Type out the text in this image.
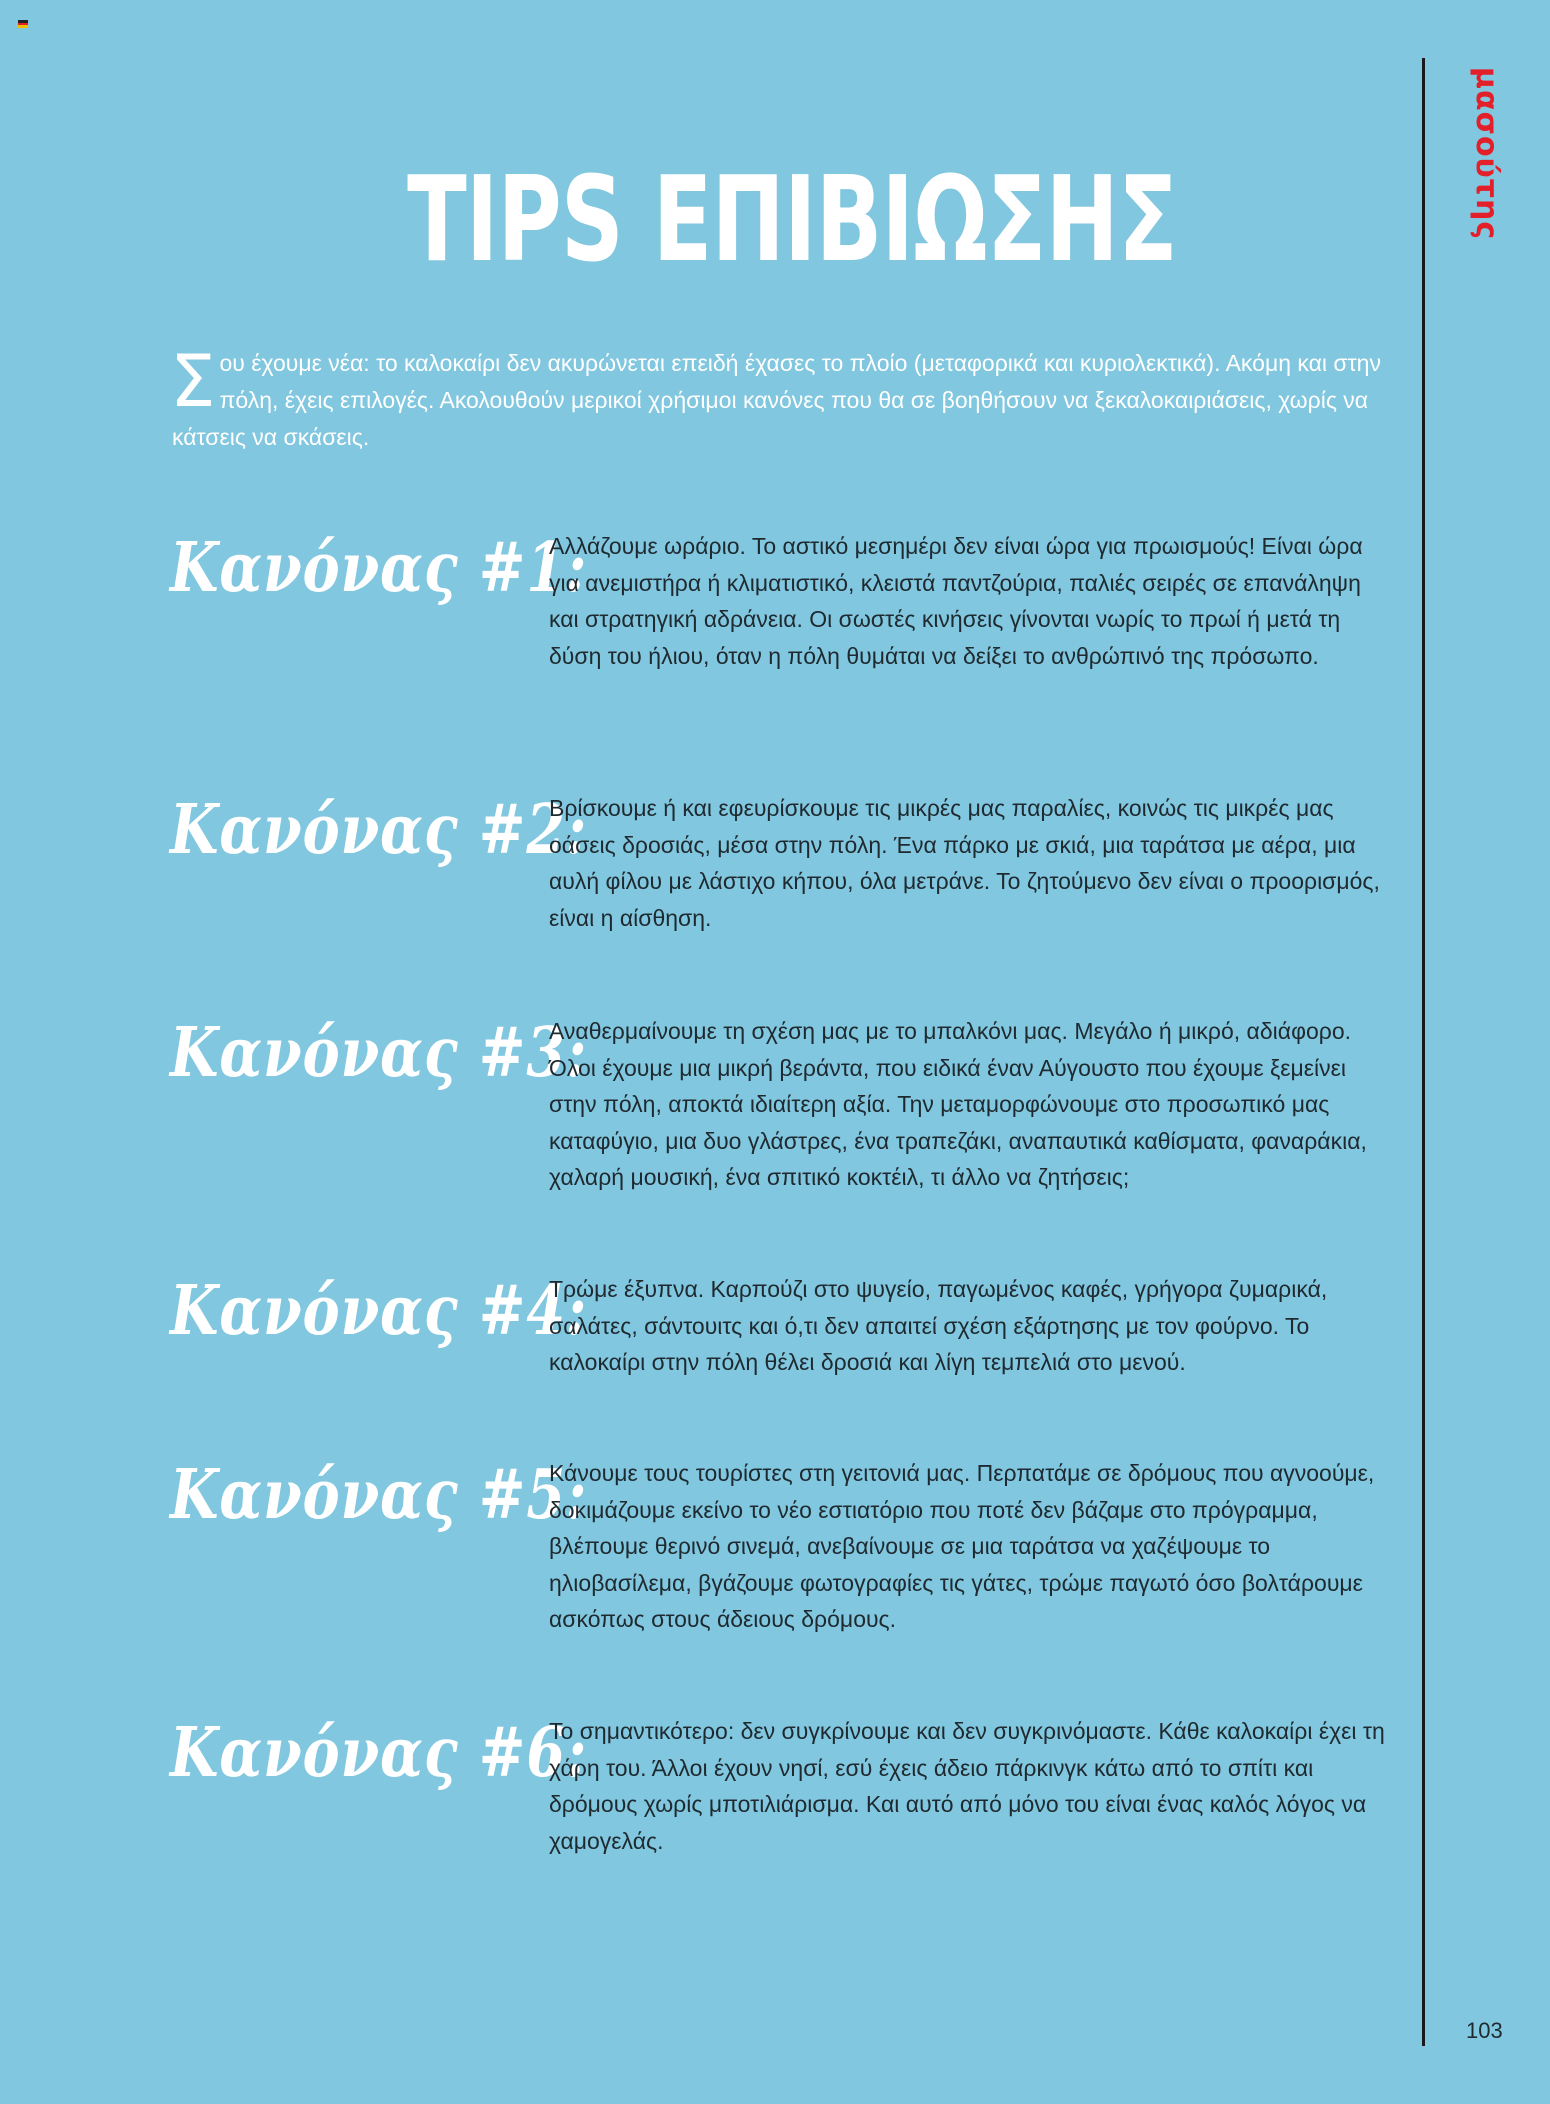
μασούτης
TIPS ΕΠΙΒΙΩΣΗΣ
Σου έχουμε νέα: το καλοκαίρι δεν ακυρώνεται επειδή έχασες το πλοίο (μεταφορικά και κυριολεκτικά). Ακόμη και στην πόλη, έχεις επιλογές. Ακολουθούν μερικοί χρήσιμοι κανόνες που θα σε βοηθήσουν να ξεκαλοκαιριάσεις, χωρίς να κάτσεις να σκάσεις.
Κανόνας #1:
Αλλάζουμε ωράριο. Το αστικό μεσημέρι δεν είναι ώρα για πρωισμούς! Είναι ώρα για ανεμιστήρα ή κλιματιστικό, κλειστά παντζούρια, παλιές σειρές σε επανάληψη και στρατηγική αδράνεια. Οι σωστές κινήσεις γίνονται νωρίς το πρωί ή μετά τη δύση του ήλιου, όταν η πόλη θυμάται να δείξει το ανθρώπινό της πρόσωπο.
Κανόνας #2:
Βρίσκουμε ή και εφευρίσκουμε τις μικρές μας παραλίες, κοινώς τις μικρές μας οάσεις δροσιάς, μέσα στην πόλη. Ένα πάρκο με σκιά, μια ταράτσα με αέρα, μια αυλή φίλου με λάστιχο κήπου, όλα μετράνε. Το ζητούμενο δεν είναι ο προορισμός, είναι η αίσθηση.
Κανόνας #3:
Αναθερμαίνουμε τη σχέση μας με το μπαλκόνι μας. Μεγάλο ή μικρό, αδιάφορο. Όλοι έχουμε μια μικρή βεράντα, που ειδικά έναν Αύγουστο που έχουμε ξεμείνει στην πόλη, αποκτά ιδιαίτερη αξία. Την μεταμορφώνουμε στο προσωπικό μας καταφύγιο, μια δυο γλάστρες, ένα τραπεζάκι, αναπαυτικά καθίσματα, φαναράκια, χαλαρή μουσική, ένα σπιτικό κοκτέιλ, τι άλλο να ζητήσεις;
Κανόνας #4:
Τρώμε έξυπνα. Καρπούζι στο ψυγείο, παγωμένος καφές, γρήγορα ζυμαρικά, σαλάτες, σάντουιτς και ό,τι δεν απαιτεί σχέση εξάρτησης με τον φούρνο. Το καλοκαίρι στην πόλη θέλει δροσιά και λίγη τεμπελιά στο μενού.
Κανόνας #5:
Κάνουμε τους τουρίστες στη γειτονιά μας. Περπατάμε σε δρόμους που αγνοούμε, δοκιμάζουμε εκείνο το νέο εστιατόριο που ποτέ δεν βάζαμε στο πρόγραμμα, βλέπουμε θερινό σινεμά, ανεβαίνουμε σε μια ταράτσα να χαζέψουμε το ηλιοβασίλεμα, βγάζουμε φωτογραφίες τις γάτες, τρώμε παγωτό όσο βολτάρουμε ασκόπως στους άδειους δρόμους.
Κανόνας #6:
Το σημαντικότερο: δεν συγκρίνουμε και δεν συγκρινόμαστε. Κάθε καλοκαίρι έχει τη χάρη του. Άλλοι έχουν νησί, εσύ έχεις άδειο πάρκινγκ κάτω από το σπίτι και δρόμους χωρίς μποτιλιάρισμα. Και αυτό από μόνο του είναι ένας καλός λόγος να χαμογελάς.
103
